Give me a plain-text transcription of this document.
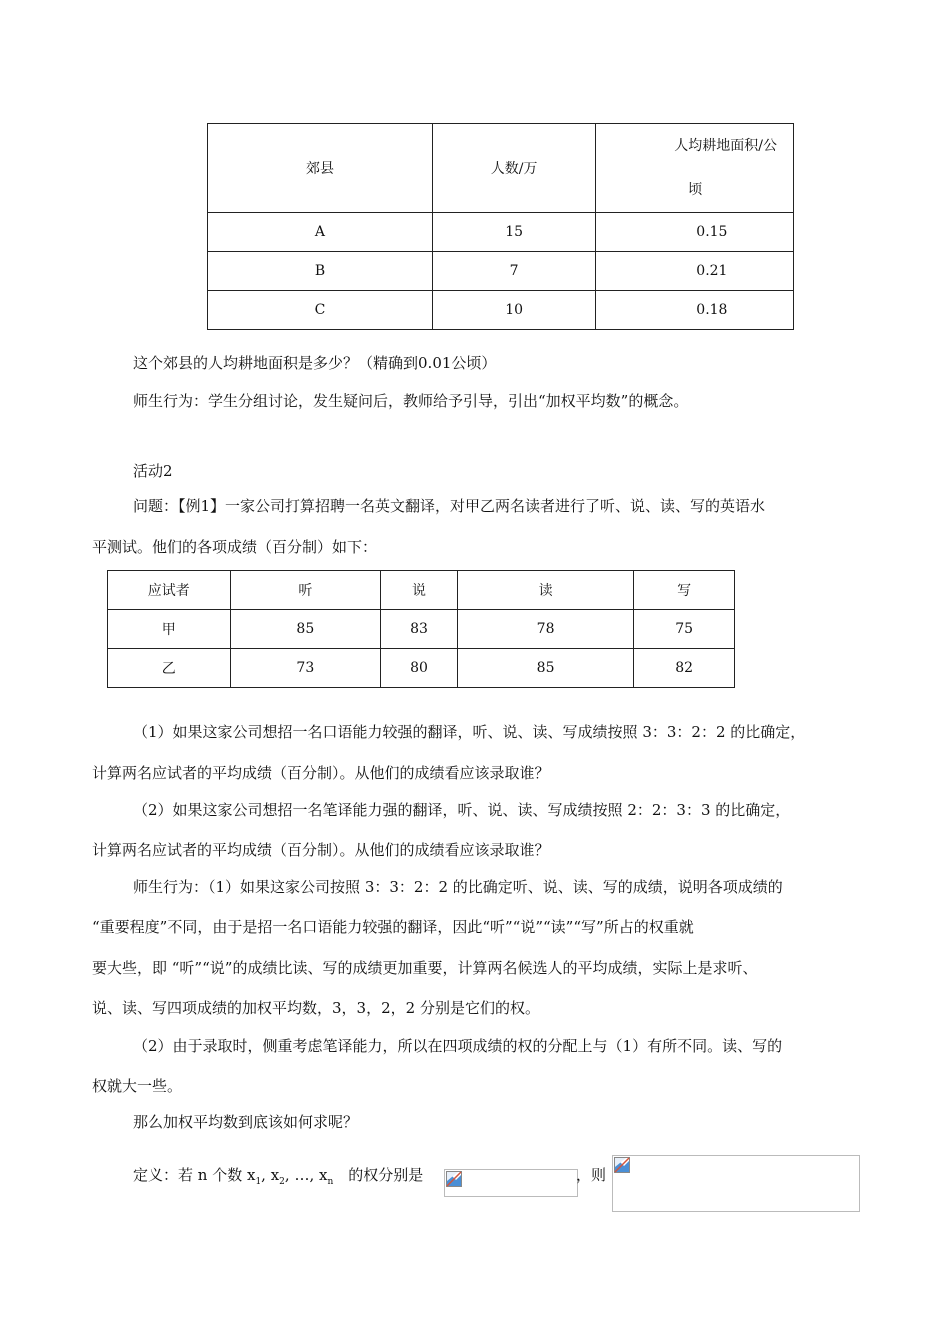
郊县	人数/万	人均耕地面积/公
顷

A	15	0.15
B	7	0.21
C	10	0.18
这个郊县的人均耕地面积是多少？（精确到0.01公顷）
师生行为：学生分组讨论，发生疑问后，教师给予引导，引出“加权平均数”的概念。
活动2
问题：【例1】一家公司打算招聘一名英文翻译，对甲乙两名读者进行了听、说、读、写的英语水
平测试。他们的各项成绩（百分制）如下：
应试者	听	说	读	写
甲	85	83	78	75
乙	73	80	85	82
（1）如果这家公司想招一名口语能力较强的翻译，听、说、读、写成绩按照 3：3：2：2 的比确定，
计算两名应试者的平均成绩（百分制）。从他们的成绩看应该录取谁？
（2）如果这家公司想招一名笔译能力强的翻译，听、说、读、写成绩按照 2：2：3：3 的比确定，
计算两名应试者的平均成绩（百分制）。从他们的成绩看应该录取谁？
师生行为：（1）如果这家公司按照 3：3：2：2 的比确定听、说、读、写的成绩，说明各项成绩的
“重要程度”不同，由于是招一名口语能力较强的翻译，因此“听”“说”“读”“写”所占的权重就
要大些，即 “听”“说”的成绩比读、写的成绩更加重要，计算两名候选人的平均成绩，实际上是求听、
说、读、写四项成绩的加权平均数，3，3，2，2 分别是它们的权。
（2）由于录取时，侧重考虑笔译能力，所以在四项成绩的权的分配上与（1）有所不同。读、写的
权就大一些。
那么加权平均数到底该如何求呢？
定义：若 n 个数 $x_1$, $x_2$, …, $x_n$　的权分别是	，则
